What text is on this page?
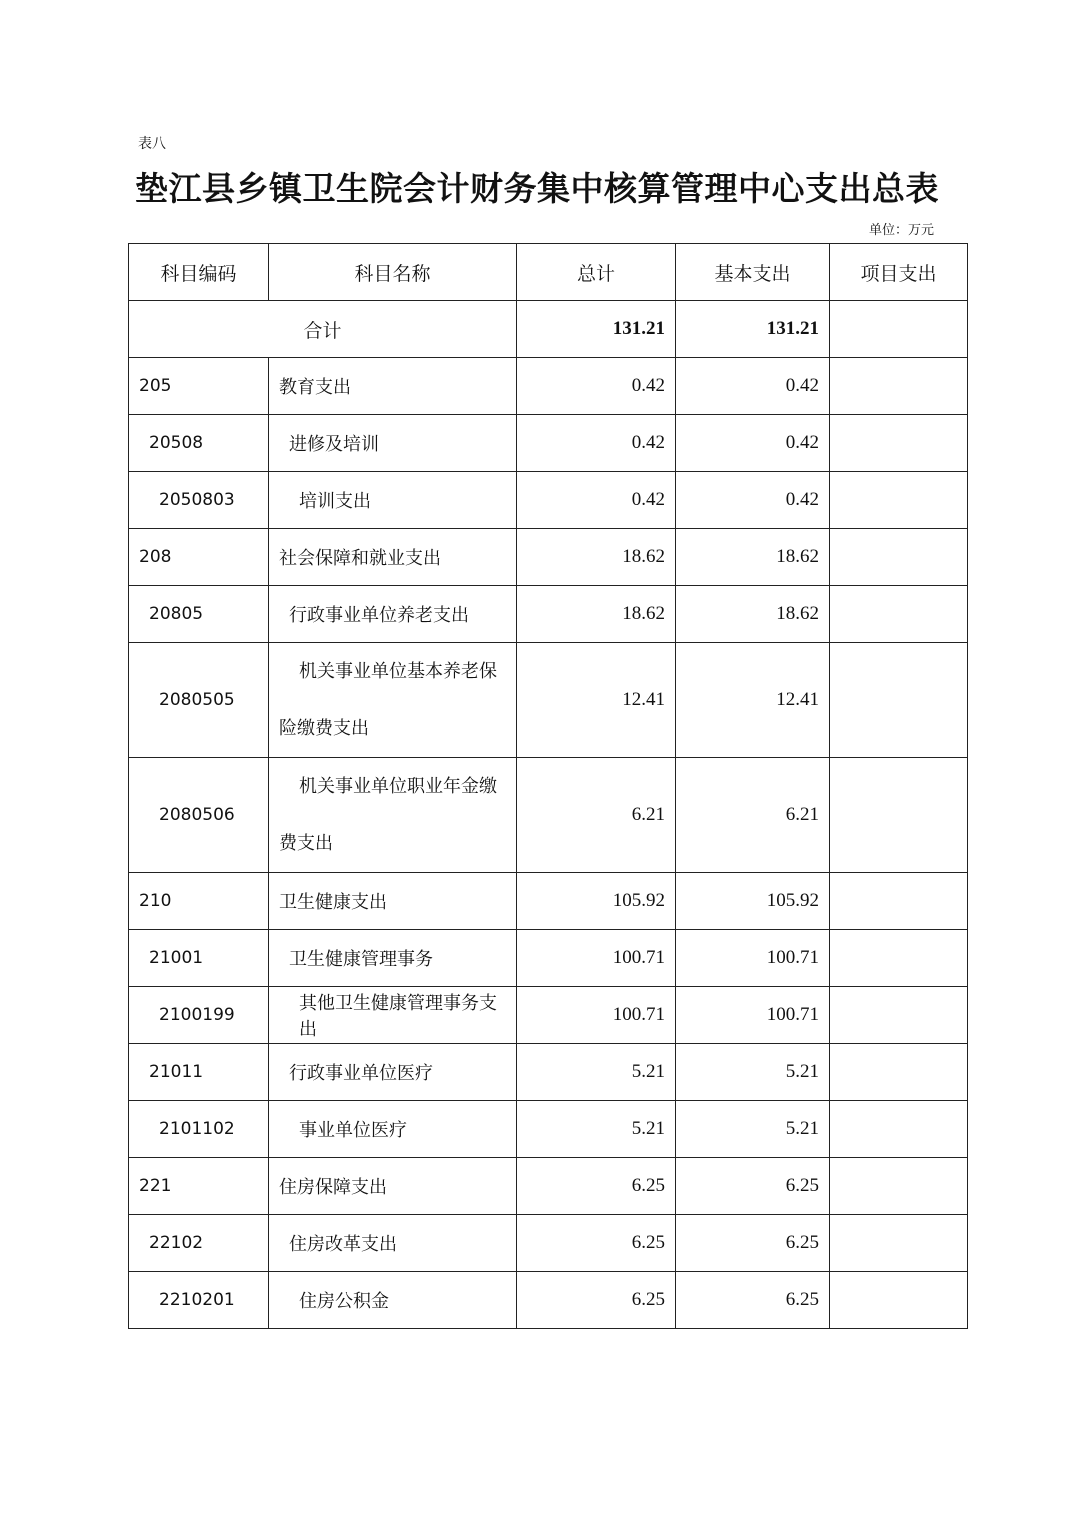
表八
垫江县乡镇卫生院会计财务集中核算管理中心支出总表
单位：万元
科目编码	科目名称	总计	基本支出	项目支出
合计		131.21	131.21	
205	教育支出	0.42	0.42	
20508	进修及培训	0.42	0.42	
2050803	培训支出	0.42	0.42	
208	社会保障和就业支出	18.62	18.62	
20805	行政事业单位养老支出	18.62	18.62	
2080505	机关事业单位基本养老保险缴费支出	12.41	12.41	
2080506	机关事业单位职业年金缴费支出	6.21	6.21	
210	卫生健康支出	105.92	105.92	
21001	卫生健康管理事务	100.71	100.71	
2100199	其他卫生健康管理事务支出	100.71	100.71	
21011	行政事业单位医疗	5.21	5.21	
2101102	事业单位医疗	5.21	5.21	
221	住房保障支出	6.25	6.25	
22102	住房改革支出	6.25	6.25	
2210201	住房公积金	6.25	6.25	
